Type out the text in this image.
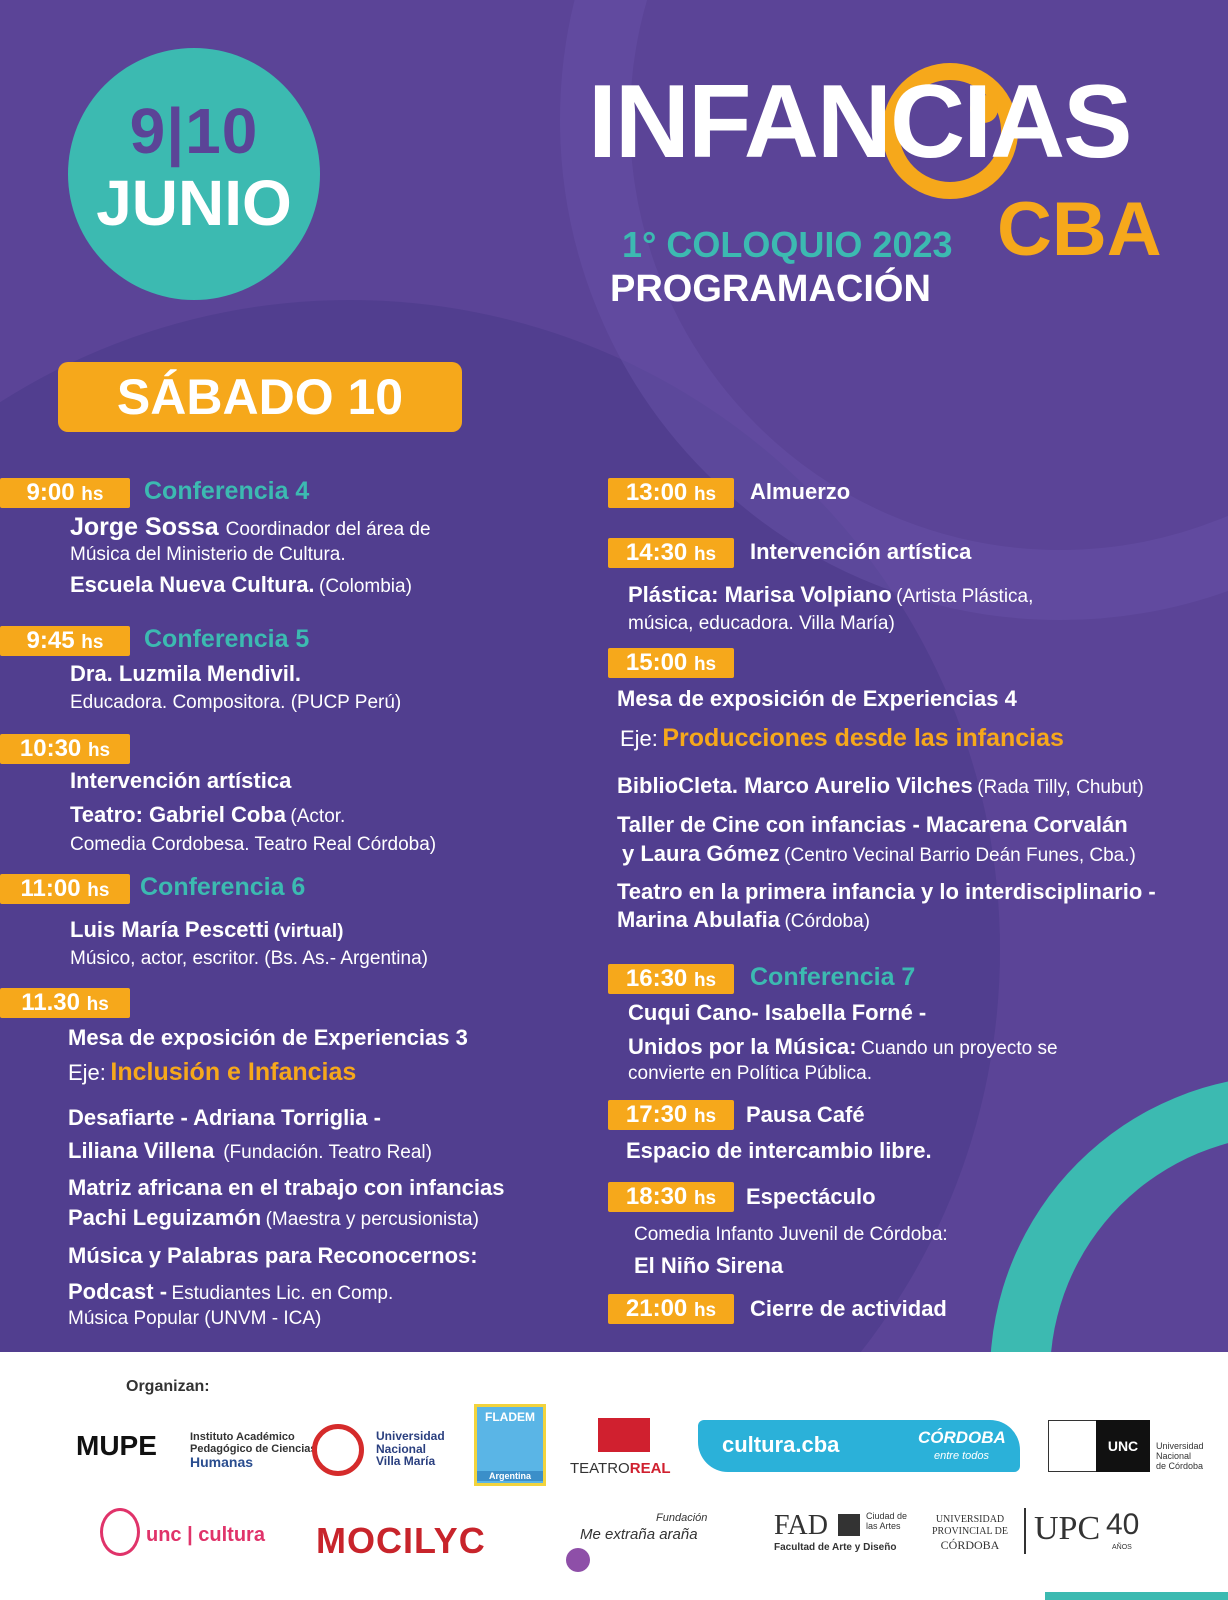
9|10
JUNIO
INFANCIAS
CBA
1° COLOQUIO 2023
PROGRAMACIÓN
SÁBADO 10
9:00 hs	Conferencia 4
Jorge Sossa Coordinador del área de
Música del Ministerio de Cultura.
Escuela Nueva Cultura. (Colombia)
9:45 hs	Conferencia 5
Dra. Luzmila Mendivil.
Educadora. Compositora. (PUCP Perú)
10:30 hs
Intervención artística
Teatro: Gabriel Coba (Actor.
Comedia Cordobesa. Teatro Real Córdoba)
11:00 hs	Conferencia 6
Luis María Pescetti (virtual)
Músico, actor, escritor. (Bs. As.- Argentina)
11.30 hs
Mesa de exposición de Experiencias 3
Eje: Inclusión e Infancias
Desafiarte - Adriana Torriglia -
Liliana Villena (Fundación. Teatro Real)
Matriz africana en el trabajo con infancias
Pachi Leguizamón (Maestra y percusionista)
Música y Palabras para Reconocernos:
Podcast - Estudiantes Lic. en Comp.
Música Popular (UNVM - ICA)
13:00 hs	Almuerzo
14:30 hs	Intervención artística
Plástica: Marisa Volpiano (Artista Plástica,
música, educadora. Villa María)
15:00 hs
Mesa de exposición de Experiencias 4
Eje: Producciones desde las infancias
BiblioCleta. Marco Aurelio Vilches (Rada Tilly, Chubut)
Taller de Cine con infancias - Macarena Corvalán
y Laura Gómez (Centro Vecinal Barrio Deán Funes, Cba.)
Teatro en la primera infancia y lo interdisciplinario -
Marina Abulafia (Córdoba)
16:30 hs	Conferencia 7
Cuqui Cano- Isabella Forné -
Unidos por la Música: Cuando un proyecto se
convierte en Política Pública.
17:30 hs	Pausa Café
Espacio de intercambio libre.
18:30 hs	Espectáculo
Comedia Infanto Juvenil de Córdoba:
El Niño Sirena
21:00 hs	Cierre de actividad
Organizan:
MUPE	Instituto Académico
Pedagógico de Ciencias
Humanas
Universidad
Nacional
Villa María
FLADEM
Argentina	TEATROREAL
cultura.cba	CÓRDOBA
entre todos
UNC	Universidad
Nacional
de Córdoba
unc | cultura MOCILYC
Fundación
Me extraña araña	FAD	Ciudad de
las Artes
Facultad de Arte y Diseño
UNIVERSIDAD
PROVINCIAL DE
CÓRDOBA UPC 40
AÑOS
